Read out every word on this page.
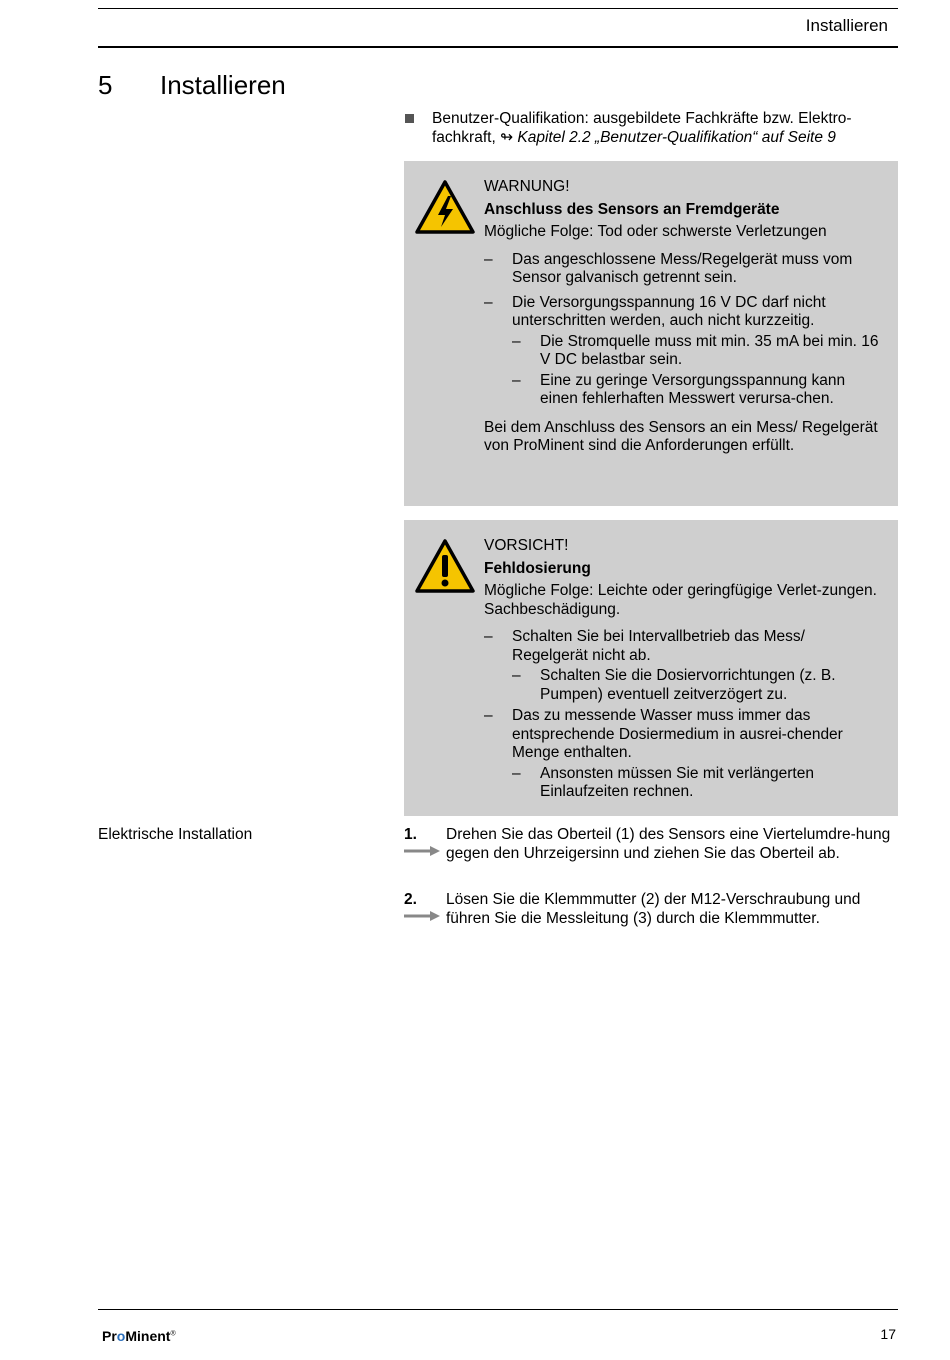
Installieren
5 Installieren
Benutzer-Qualifikation: ausgebildete Fachkräfte bzw. Elektro-fachkraft, ↬ Kapitel 2.2 „Benutzer-Qualifikation“ auf Seite 9
WARNUNG!
Anschluss des Sensors an Fremdgeräte
Mögliche Folge: Tod oder schwerste Verletzungen
– Das angeschlossene Mess/Regelgerät muss vom Sensor galvanisch getrennt sein.
– Die Versorgungsspannung 16 V DC darf nicht unterschritten werden, auch nicht kurzzeitig.
– Die Stromquelle muss mit min. 35 mA bei min. 16 V DC belastbar sein.
– Eine zu geringe Versorgungsspannung kann einen fehlerhaften Messwert verursa-chen.
Bei dem Anschluss des Sensors an ein Mess/ Regelgerät von ProMinent sind die Anforderungen erfüllt.
VORSICHT!
Fehldosierung
Mögliche Folge: Leichte oder geringfügige Verlet-zungen. Sachbeschädigung.
– Schalten Sie bei Intervallbetrieb das Mess/ Regelgerät nicht ab.
– Schalten Sie die Dosiervorrichtungen (z. B. Pumpen) eventuell zeitverzögert zu.
– Das zu messende Wasser muss immer das entsprechende Dosiermedium in ausrei-chender Menge enthalten.
– Ansonsten müssen Sie mit verlängerten Einlaufzeiten rechnen.
Elektrische Installation	1. Drehen Sie das Oberteil (1) des Sensors eine Viertelumdre-hung gegen den Uhrzeigersinn und ziehen Sie das Oberteil ab.
2. Lösen Sie die Klemmmutter (2) der M12-Verschraubung und führen Sie die Messleitung (3) durch die Klemmmutter.
ProMinent®	17
